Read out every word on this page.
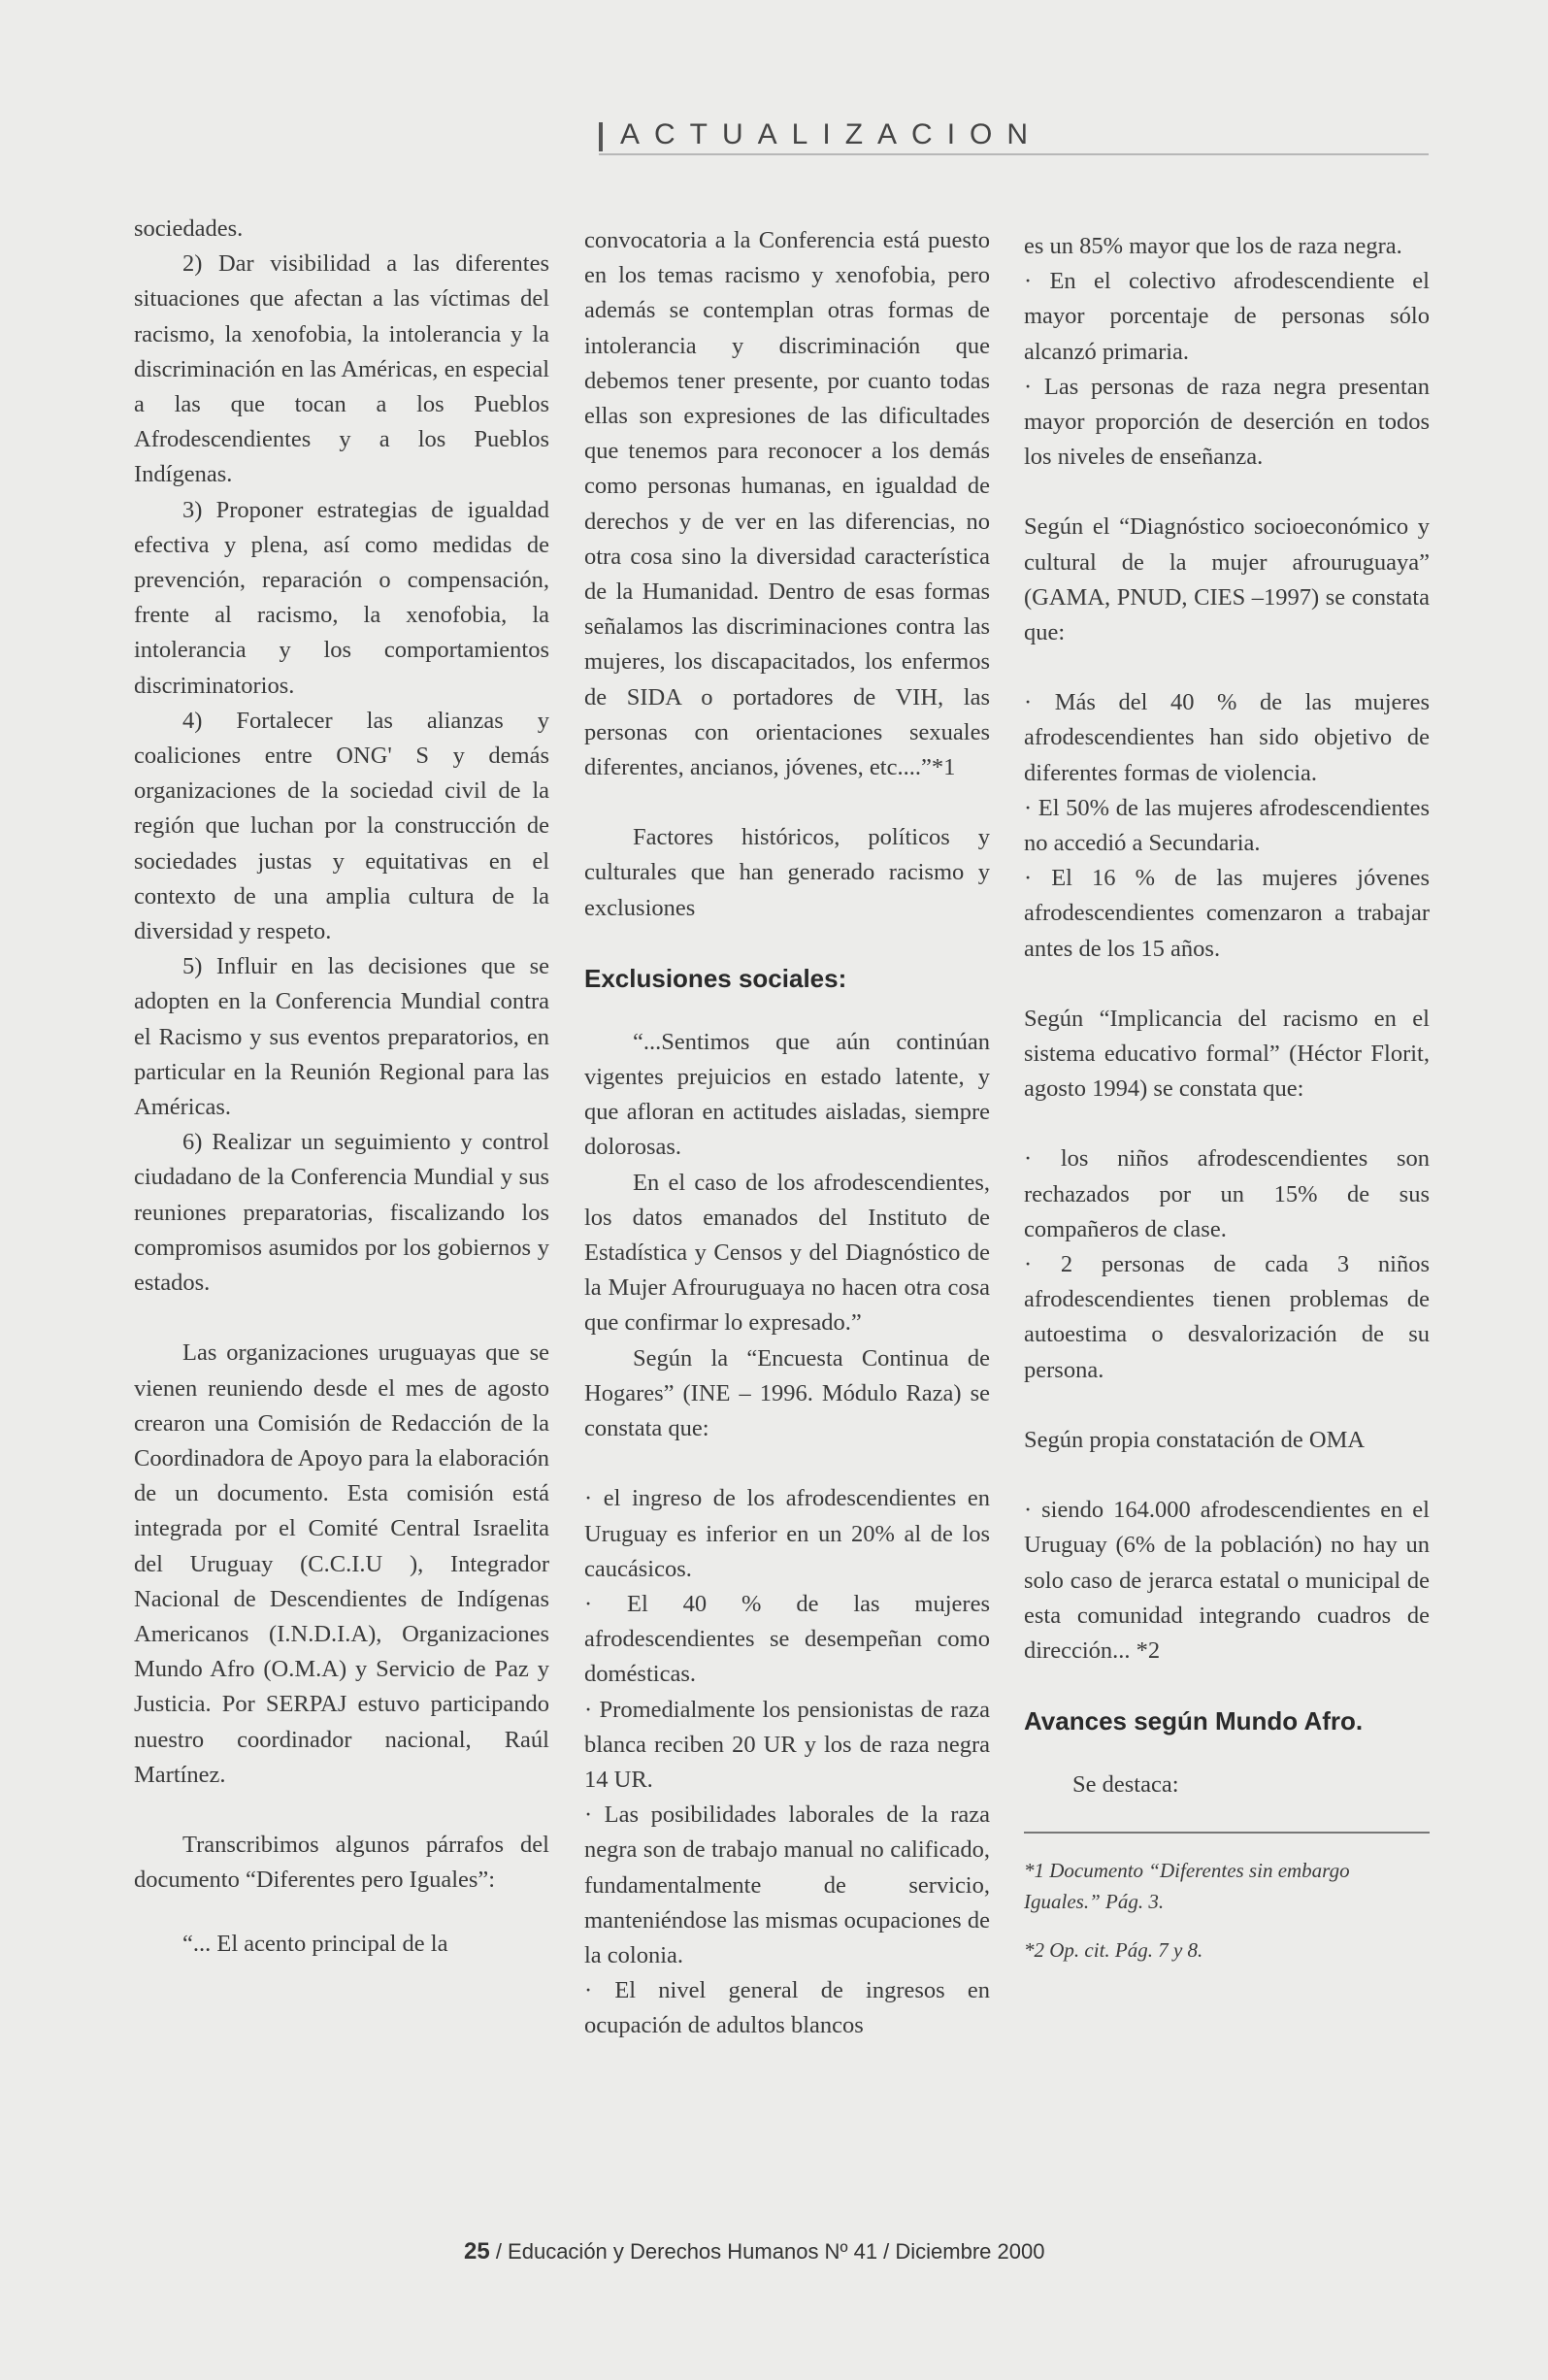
ACTUALIZACION

sociedades.

2) Dar visibilidad a las diferentes situaciones que afectan a las víctimas del racismo, la xenofobia, la intolerancia y la discriminación en las Américas, en especial a las que tocan a los Pueblos Afrodescendientes y a los Pueblos Indígenas.

3) Proponer estrategias de igualdad efectiva y plena, así como medidas de prevención, reparación o compensación, frente al racismo, la xenofobia, la intolerancia y los comportamientos discriminatorios.

4) Fortalecer las alianzas y coaliciones entre ONG' S y demás organizaciones de la sociedad civil de la región que luchan por la construcción de sociedades justas y equitativas en el contexto de una amplia cultura de la diversidad y respeto.

5) Influir en las decisiones que se adopten en la Conferencia Mundial contra el Racismo y sus eventos preparatorios, en particular en la Reunión Regional para las Américas.

6) Realizar un seguimiento y control ciudadano de la Conferencia Mundial y sus reuniones preparatorias, fiscalizando los compromisos asumidos por los gobiernos y estados.

Las organizaciones uruguayas que se vienen reuniendo desde el mes de agosto crearon una Comisión de Redacción de la Coordinadora de Apoyo para la elaboración de un documento. Esta comisión está integrada por el Comité Central Israelita del Uruguay (C.C.I.U ), Integrador Nacional de Descendientes de Indígenas Americanos (I.N.D.I.A), Organizaciones Mundo Afro (O.M.A) y Servicio de Paz y Justicia. Por SERPAJ estuvo participando nuestro coordinador nacional, Raúl Martínez.

Transcribimos algunos párrafos del documento “Diferentes pero Iguales”:

“... El acento principal de la

convocatoria a la Conferencia está puesto en los temas racismo y xenofobia, pero además se contemplan otras formas de intolerancia y discriminación que debemos tener presente, por cuanto todas ellas son expresiones de las dificultades que tenemos para reconocer a los demás como personas humanas, en igualdad de derechos y de ver en las diferencias, no otra cosa sino la diversidad característica de la Humanidad. Dentro de esas formas señalamos las discriminaciones contra las mujeres, los discapacitados, los enfermos de SIDA o portadores de VIH, las personas con orientaciones sexuales diferentes, ancianos, jóvenes, etc....”*1

Factores históricos, políticos y culturales que han generado racismo y exclusiones

Exclusiones sociales:

“...Sentimos que aún continúan vigentes prejuicios en estado latente, y que afloran en actitudes aisladas, siempre dolorosas.

En el caso de los afrodescendientes, los datos emanados del Instituto de Estadística y Censos y del Diagnóstico de la Mujer Afrouruguaya no hacen otra cosa que confirmar lo expresado.”

Según la “Encuesta Continua de Hogares” (INE – 1996. Módulo Raza) se constata que:

· el ingreso de los afrodescendientes en Uruguay es inferior en un 20% al de los caucásicos.

· El 40 % de las mujeres afrodescendientes se desempeñan como domésticas.

· Promedialmente los pensionistas de raza blanca reciben 20 UR y los de raza negra 14 UR.

· Las posibilidades laborales de la raza negra son de trabajo manual no calificado, fundamentalmente de servicio, manteniéndose las mismas ocupaciones de la colonia.

· El nivel general de ingresos en ocupación de adultos blancos

es un 85% mayor que los de raza negra.

· En el colectivo afrodescendiente el mayor porcentaje de personas sólo alcanzó primaria.

· Las personas de raza negra presentan mayor proporción de deserción en todos los niveles de enseñanza.

Según el “Diagnóstico socioeconómico y cultural de la mujer afrouruguaya” (GAMA, PNUD, CIES –1997) se constata que:

· Más del 40 % de las mujeres afrodescendientes han sido objetivo de diferentes formas de violencia.

· El 50% de las mujeres afrodescendientes no accedió a Secundaria.

· El 16 % de las mujeres jóvenes afrodescendientes comenzaron a trabajar antes de los 15 años.

Según “Implicancia del racismo en el sistema educativo formal” (Héctor Florit, agosto 1994) se constata que:

· los niños afrodescendientes son rechazados por un 15% de sus compañeros de clase.

· 2 personas de cada 3 niños afrodescendientes tienen problemas de autoestima o desvalorización de su persona.

Según propia constatación de OMA

· siendo 164.000 afrodescendientes en el Uruguay (6% de la población) no hay un solo caso de jerarca estatal o municipal de esta comunidad integrando cuadros de dirección... *2

Avances según Mundo Afro.

Se destaca:

*1 Documento “Diferentes sin embargo Iguales.” Pág. 3.

*2 Op. cit. Pág. 7 y 8.

25 / Educación y Derechos Humanos Nº 41 / Diciembre 2000
